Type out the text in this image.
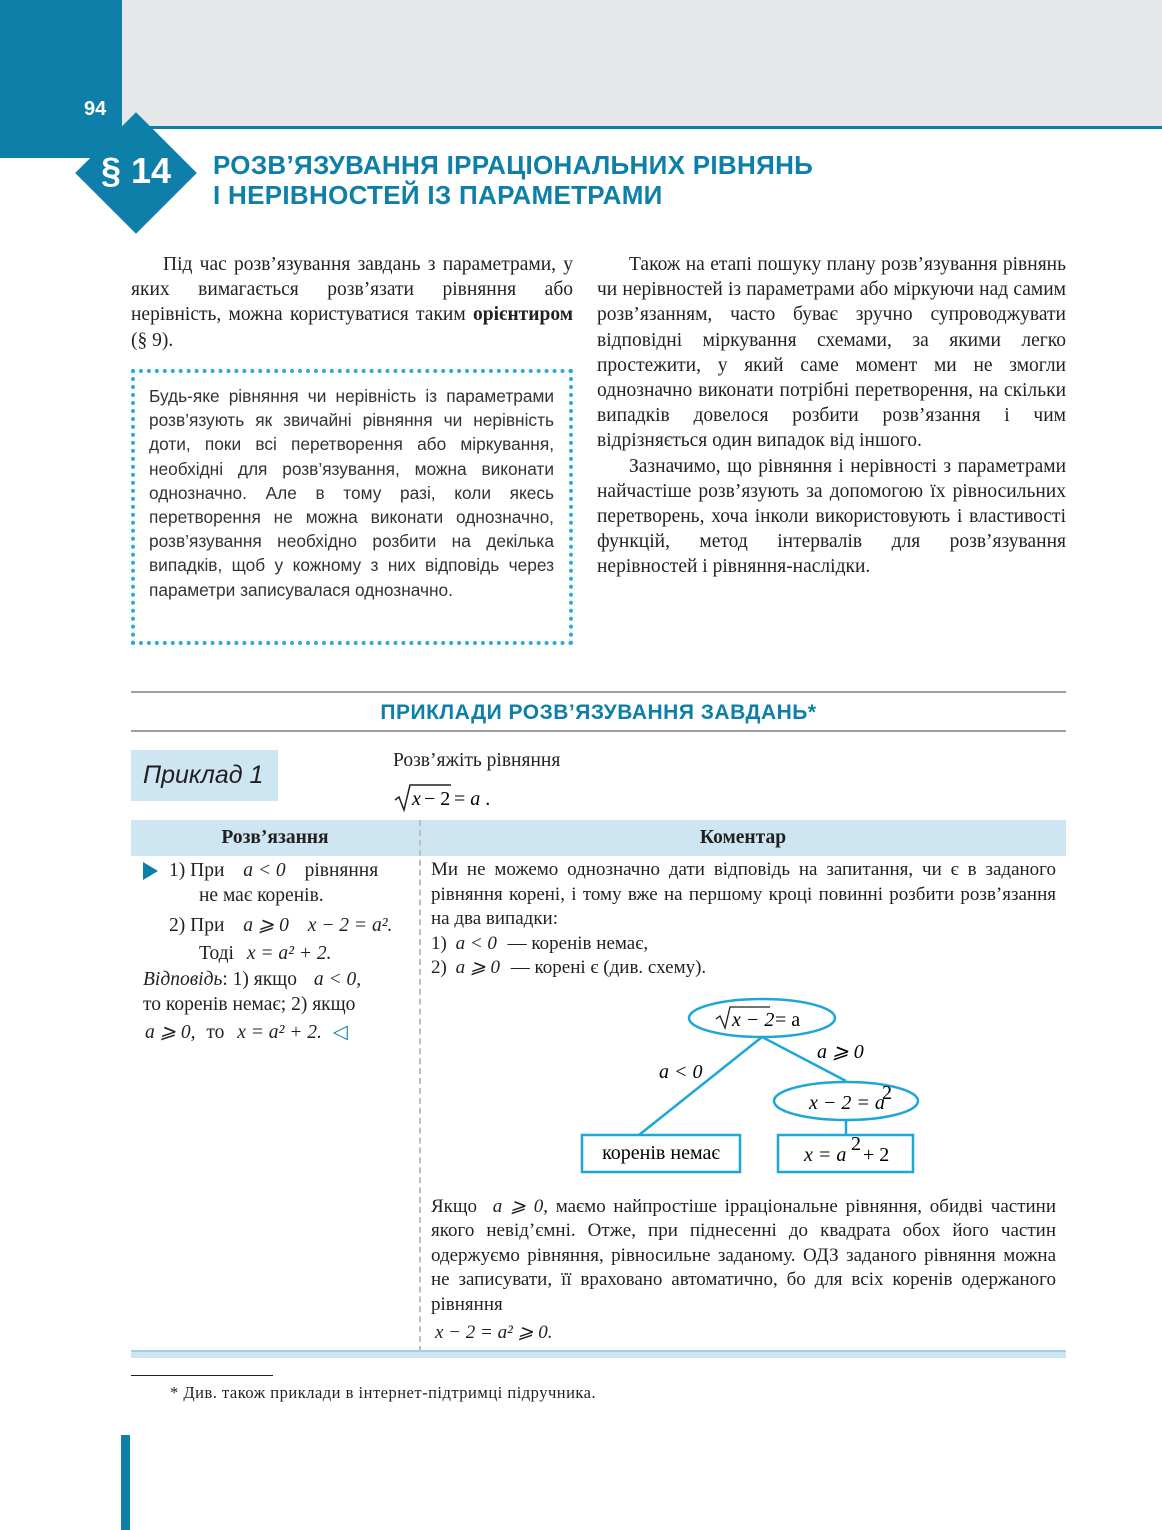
94
§ 14	РОЗВ’ЯЗУВАННЯ ІРРАЦІОНАЛЬНИХ РІВНЯНЬ
І НЕРІВНОСТЕЙ ІЗ ПАРАМЕТРАМИ

Під час розв’язування завдань з параметрами, у яких вимагається розв’язати рівняння або нерівність, можна користуватися таким орієнтиром (§ 9).

Будь-яке рівняння чи нерівність із параметрами розв’язують як звичайні рівняння чи нерівність доти, поки всі перетворення або міркування, необхідні для розв’язування, можна виконати однозначно. Але в тому разі, коли якесь перетворення не можна виконати однозначно, розв’язування необхідно розбити на декілька випадків, щоб у кожному з них відповідь через параметри записувалася однозначно.

Також на етапі пошуку плану розв’язування рівнянь чи нерівностей із параметрами або міркуючи над самим розв’язанням, часто буває зручно супроводжувати відповідні міркування схемами, за якими легко простежити, у який саме момент ми не змогли однозначно виконати потрібні перетворення, на скільки випадків довелося розбити розв’язання і чим відрізняється один випадок від іншого.

Зазначимо, що рівняння і нерівності з параметрами найчастіше розв’язують за допомогою їх рівносильних перетворень, хоча інколи використовують і властивості функцій, метод інтервалів для розв’язування нерівностей і рівняння-наслідки.

ПРИКЛАДИ РОЗВ’ЯЗУВАННЯ ЗАВДАНЬ*
Приклад 1
Розв’яжіть рівняння
x − 2 = a .
Розв’язання	Коментар
1) При a < 0 рівняння
не має коренів.
2) При a ⩾ 0 x − 2 = a².
Тоді x = a² + 2.
Відповідь: 1) якщо a < 0,
то коренів немає; 2) якщо
a ⩾ 0, то x = a² + 2. ◁
Ми не можемо однозначно дати відповідь на запитання, чи є в заданого рівняння корені, і тому вже на першому кроці повинні розбити розв’язання на два випадки:
1) a < 0 — коренів немає,
2) a ⩾ 0 — корені є (див. схему).
x − 2 = a
a < 0
a ⩾ 0
x − 2 = a
2
коренів немає	x = a 2 + 2
Якщо a ⩾ 0, маємо найпростіше ірраціональне рівняння, обидві частини якого невід’ємні. Отже, при піднесенні до квадрата обох його частин одержуємо рівняння, рівносильне заданому. ОДЗ заданого рівняння можна не записувати, її враховано автоматично, бо для всіх коренів одержаного рівняння
x − 2 = a² ⩾ 0.
* Див. також приклади в інтернет-підтримці підручника.
